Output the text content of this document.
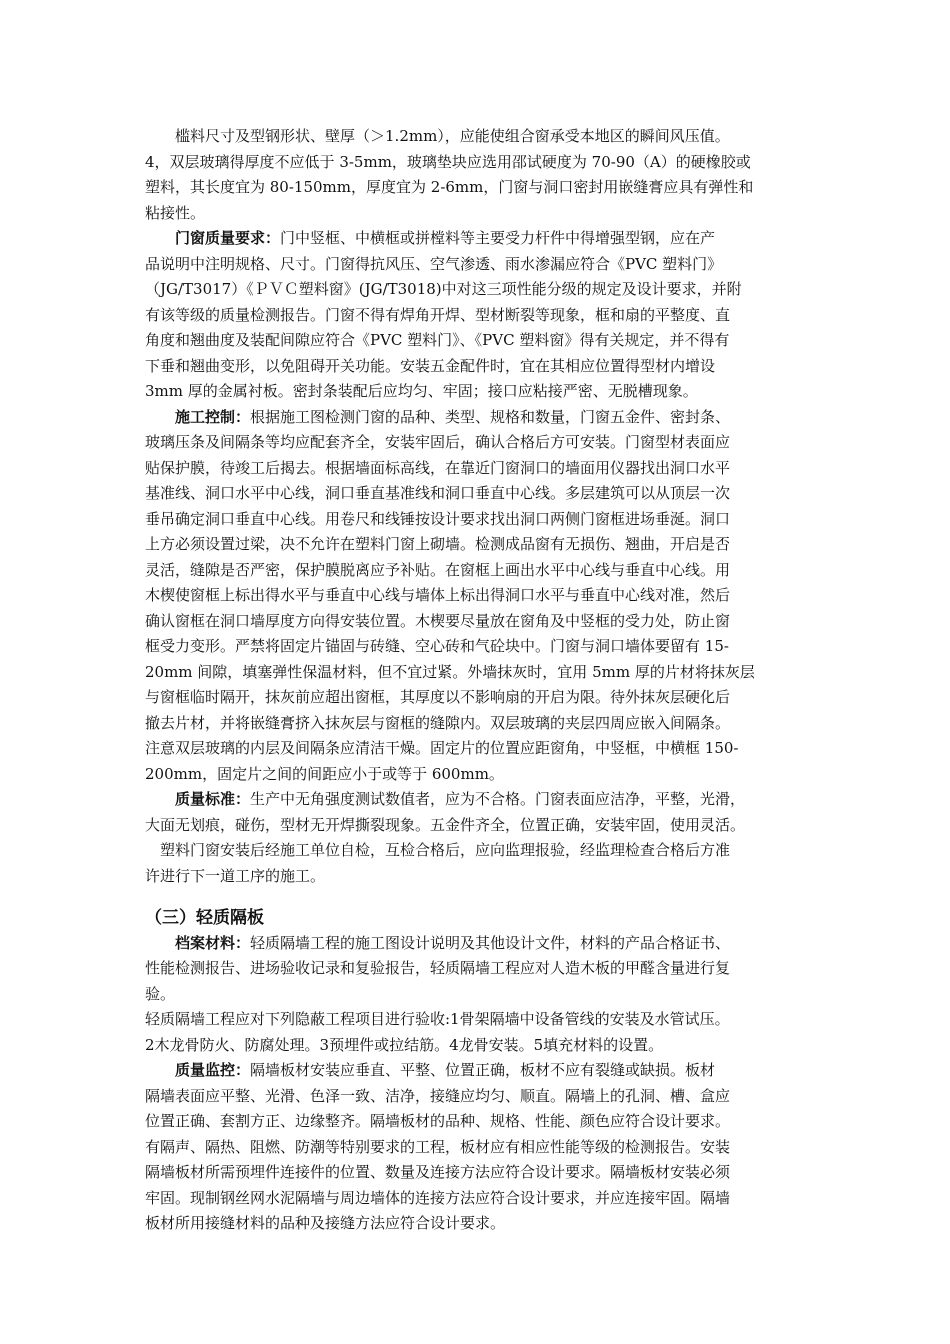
　　槛料尺寸及型钢形状、壁厚（＞1.2mm），应能使组合窗承受本地区的瞬间风压值。
4，双层玻璃得厚度不应低于 3-5mm，玻璃垫块应选用邵试硬度为 70-90（A）的硬橡胶或
塑料，其长度宜为 80-150mm，厚度宜为 2-6mm，门窗与洞口密封用嵌缝膏应具有弹性和
粘接性。
　　门窗质量要求：门中竖框、中横框或拼樘料等主要受力杆件中得增强型钢，应在产
品说明中注明规格、尺寸。门窗得抗风压、空气渗透、雨水渗漏应符合《PVC 塑料门》
（JG/T3017）《ＰＶＣ塑料窗》(JG/T3018)中对这三项性能分级的规定及设计要求，并附
有该等级的质量检测报告。门窗不得有焊角开焊、型材断裂等现象，框和扇的平整度、直
角度和翘曲度及装配间隙应符合《PVC 塑料门》、《PVC 塑料窗》得有关规定，并不得有
下垂和翘曲变形，以免阻碍开关功能。安装五金配件时，宜在其相应位置得型材内增设
3mm 厚的金属衬板。密封条装配后应均匀、牢固；接口应粘接严密、无脱槽现象。
　　施工控制：根据施工图检测门窗的品种、类型、规格和数量，门窗五金件、密封条、
玻璃压条及间隔条等均应配套齐全，安装牢固后，确认合格后方可安装。门窗型材表面应
贴保护膜，待竣工后揭去。根据墙面标高线，在靠近门窗洞口的墙面用仪器找出洞口水平
基准线、洞口水平中心线，洞口垂直基准线和洞口垂直中心线。多层建筑可以从顶层一次
垂吊确定洞口垂直中心线。用卷尺和线锤按设计要求找出洞口两侧门窗框进场垂涎。洞口
上方必须设置过梁，决不允许在塑料门窗上砌墙。检测成品窗有无损伤、翘曲，开启是否
灵活，缝隙是否严密，保护膜脱离应予补贴。在窗框上画出水平中心线与垂直中心线。用
木楔使窗框上标出得水平与垂直中心线与墙体上标出得洞口水平与垂直中心线对准，然后
确认窗框在洞口墙厚度方向得安装位置。木楔要尽量放在窗角及中竖框的受力处，防止窗
框受力变形。严禁将固定片锚固与砖缝、空心砖和气砼块中。门窗与洞口墙体要留有 15-
20mm 间隙，填塞弹性保温材料，但不宜过紧。外墙抹灰时，宜用 5mm 厚的片材将抹灰层
与窗框临时隔开，抹灰前应超出窗框，其厚度以不影响扇的开启为限。待外抹灰层硬化后
撤去片材，并将嵌缝膏挤入抹灰层与窗框的缝隙内。双层玻璃的夹层四周应嵌入间隔条。
注意双层玻璃的内层及间隔条应清洁干燥。固定片的位置应距窗角，中竖框，中横框 150-
200mm，固定片之间的间距应小于或等于 600mm。
　　质量标准：生产中无角强度测试数值者，应为不合格。门窗表面应洁净，平整，光滑，
大面无划痕，碰伤，型材无开焊撕裂现象。五金件齐全，位置正确，安装牢固，使用灵活。
　塑料门窗安装后经施工单位自检，互检合格后，应向监理报验，经监理检查合格后方准
许进行下一道工序的施工。
（三）轻质隔板
　　档案材料：轻质隔墙工程的施工图设计说明及其他设计文件，材料的产品合格证书、
性能检测报告、进场验收记录和复验报告，轻质隔墙工程应对人造木板的甲醛含量进行复
验。
轻质隔墙工程应对下列隐蔽工程项目进行验收:1骨架隔墙中设备管线的安装及水管试压。
2木龙骨防火、防腐处理。3预埋件或拉结筋。4龙骨安装。5填充材料的设置。
　　质量监控：隔墙板材安装应垂直、平整、位置正确，板材不应有裂缝或缺损。板材
隔墙表面应平整、光滑、色泽一致、洁净，接缝应均匀、顺直。隔墙上的孔洞、槽、盒应
位置正确、套割方正、边缘整齐。隔墙板材的品种、规格、性能、颜色应符合设计要求。
有隔声、隔热、阻燃、防潮等特别要求的工程，板材应有相应性能等级的检测报告。安装
隔墙板材所需预埋件连接件的位置、数量及连接方法应符合设计要求。隔墙板材安装必须
牢固。现制钢丝网水泥隔墙与周边墙体的连接方法应符合设计要求，并应连接牢固。隔墙
板材所用接缝材料的品种及接缝方法应符合设计要求。
